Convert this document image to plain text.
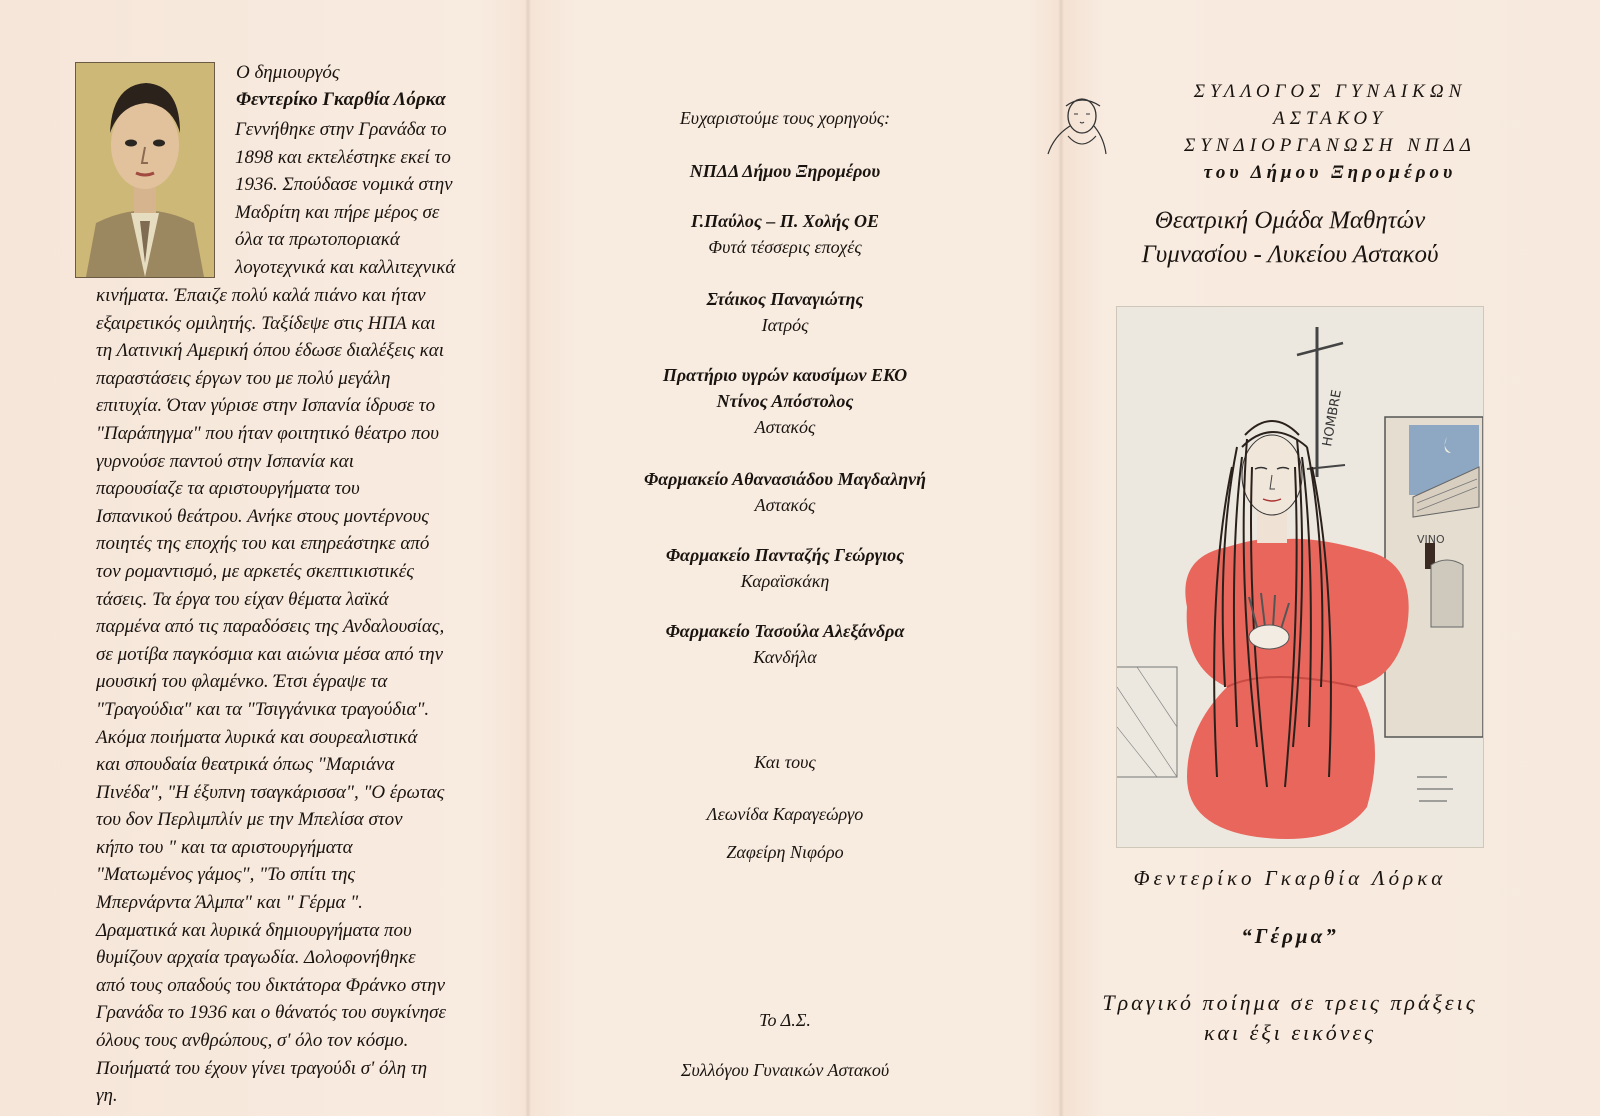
Ο δημιουργός
Φεντερίκο Γκαρθία Λόρκα
Γεννήθηκε στην Γρανάδα το
1898 και εκτελέστηκε εκεί το
1936. Σπούδασε νομικά στην
Μαδρίτη και πήρε μέρος σε
όλα τα πρωτοποριακά
λογοτεχνικά και καλλιτεχνικά
κινήματα. Έπαιζε πολύ καλά πιάνο και ήταν
εξαιρετικός ομιλητής. Ταξίδεψε στις ΗΠΑ και
τη Λατινική Αμερική όπου έδωσε διαλέξεις και
παραστάσεις έργων του με πολύ μεγάλη
επιτυχία. Όταν γύρισε στην Ισπανία ίδρυσε το
"Παράπηγμα" που ήταν φοιτητικό θέατρο που
γυρνούσε παντού στην Ισπανία και
παρουσίαζε τα αριστουργήματα του
Ισπανικού θεάτρου. Ανήκε στους μοντέρνους
ποιητές της εποχής του και επηρεάστηκε από
τον ρομαντισμό, με αρκετές σκεπτικιστικές
τάσεις. Τα έργα του είχαν θέματα λαϊκά
παρμένα από τις παραδόσεις της Ανδαλουσίας,
σε μοτίβα παγκόσμια και αιώνια μέσα από την
μουσική του φλαμένκο. Έτσι έγραψε τα
"Τραγούδια" και τα "Τσιγγάνικα τραγούδια".
Ακόμα ποιήματα λυρικά και σουρεαλιστικά
και σπουδαία θεατρικά όπως "Μαριάνα
Πινέδα", "Η έξυπνη τσαγκάρισσα", "Ο έρωτας
του δον Περλιμπλίν με την Μπελίσα στον
κήπο του " και τα αριστουργήματα
"Ματωμένος γάμος", "Το σπίτι της
Μπερνάρντα Άλμπα" και " Γέρμα ".
Δραματικά και λυρικά δημιουργήματα που
θυμίζουν αρχαία τραγωδία. Δολοφονήθηκε
από τους οπαδούς του δικτάτορα Φράνκο στην
Γρανάδα το 1936 και ο θάνατός του συγκίνησε
όλους τους ανθρώπους, σ' όλο τον κόσμο.
Ποιήματά του έχουν γίνει τραγούδι σ' όλη τη
γη.
Ευχαριστούμε τους χορηγούς:
ΝΠΔΔ Δήμου Ξηρομέρου
Γ.Παύλος – Π. Χολής ΟΕ
Φυτά τέσσερις εποχές
Στάικος Παναγιώτης
Ιατρός
Πρατήριο υγρών καυσίμων ΕΚΟ
Ντίνος Απόστολος
Αστακός
Φαρμακείο Αθανασιάδου Μαγδαληνή
Αστακός
Φαρμακείο Πανταζής Γεώργιος
Καραϊσκάκη
Φαρμακείο Τασούλα Αλεξάνδρα
Κανδήλα
Και τους
Λεωνίδα Καραγεώργο
Ζαφείρη Νιφόρο
Το Δ.Σ.
Συλλόγου Γυναικών Αστακού
ΣΥΛΛΟΓΟΣ ΓΥΝΑΙΚΩΝ
ΑΣΤΑΚΟΥ
ΣΥΝΔΙΟΡΓΑΝΩΣΗ ΝΠΔΔ
του Δήμου Ξηρομέρου
Θεατρική Ομάδα Μαθητών
Γυμνασίου - Λυκείου Αστακού
VINO
HOMBRE
Φεντερίκο Γκαρθία Λόρκα
“Γέρμα”
Τραγικό ποίημα σε τρεις πράξεις
και έξι εικόνες
